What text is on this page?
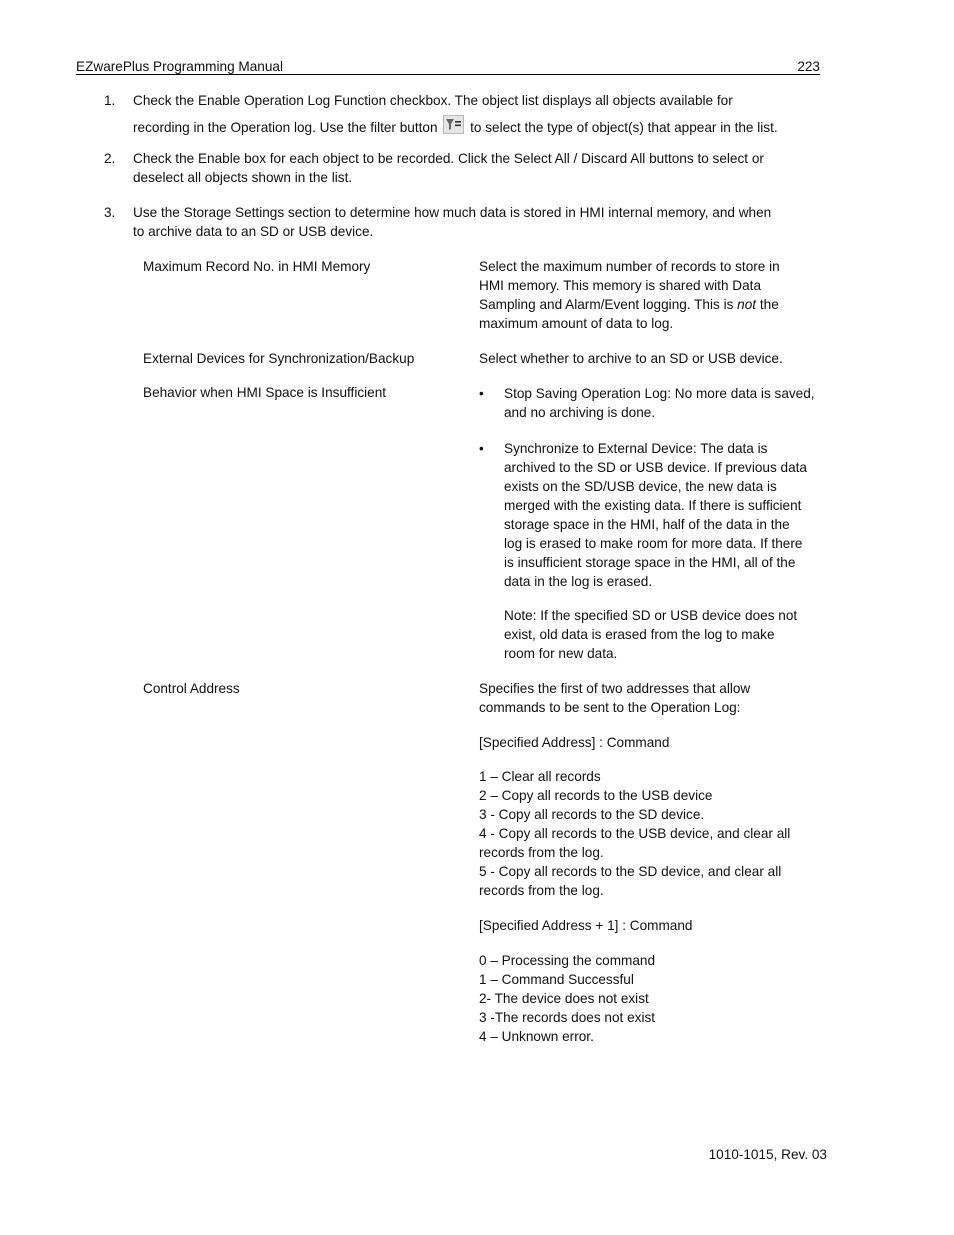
EZwarePlus Programming Manual	223
1. Check the Enable Operation Log Function checkbox. The object list displays all objects available for
recording in the Operation log. Use the filter button to select the type of object(s) that appear in the list.
2. Check the Enable box for each object to be recorded. Click the Select All / Discard All buttons to select or
deselect all objects shown in the list.
3. Use the Storage Settings section to determine how much data is stored in HMI internal memory, and when
to archive data to an SD or USB device.
Maximum Record No. in HMI Memory	Select the maximum number of records to store in
HMI memory. This memory is shared with Data
Sampling and Alarm/Event logging. This is not the
maximum amount of data to log.
External Devices for Synchronization/Backup	Select whether to archive to an SD or USB device.
Behavior when HMI Space is Insufficient	• Stop Saving Operation Log: No more data is saved,
and no archiving is done.
• Synchronize to External Device: The data is
archived to the SD or USB device. If previous data
exists on the SD/USB device, the new data is
merged with the existing data. If there is sufficient
storage space in the HMI, half of the data in the
log is erased to make room for more data. If there
is insufficient storage space in the HMI, all of the
data in the log is erased.
Note: If the specified SD or USB device does not
exist, old data is erased from the log to make
room for new data.
Control Address	Specifies the first of two addresses that allow
commands to be sent to the Operation Log:
[Specified Address] : Command
1 – Clear all records
2 – Copy all records to the USB device
3 - Copy all records to the SD device.
4 - Copy all records to the USB device, and clear all
records from the log.
5 - Copy all records to the SD device, and clear all
records from the log.
[Specified Address + 1] : Command
0 – Processing the command
1 – Command Successful
2- The device does not exist
3 -The records does not exist
4 – Unknown error.
1010-1015, Rev. 03
